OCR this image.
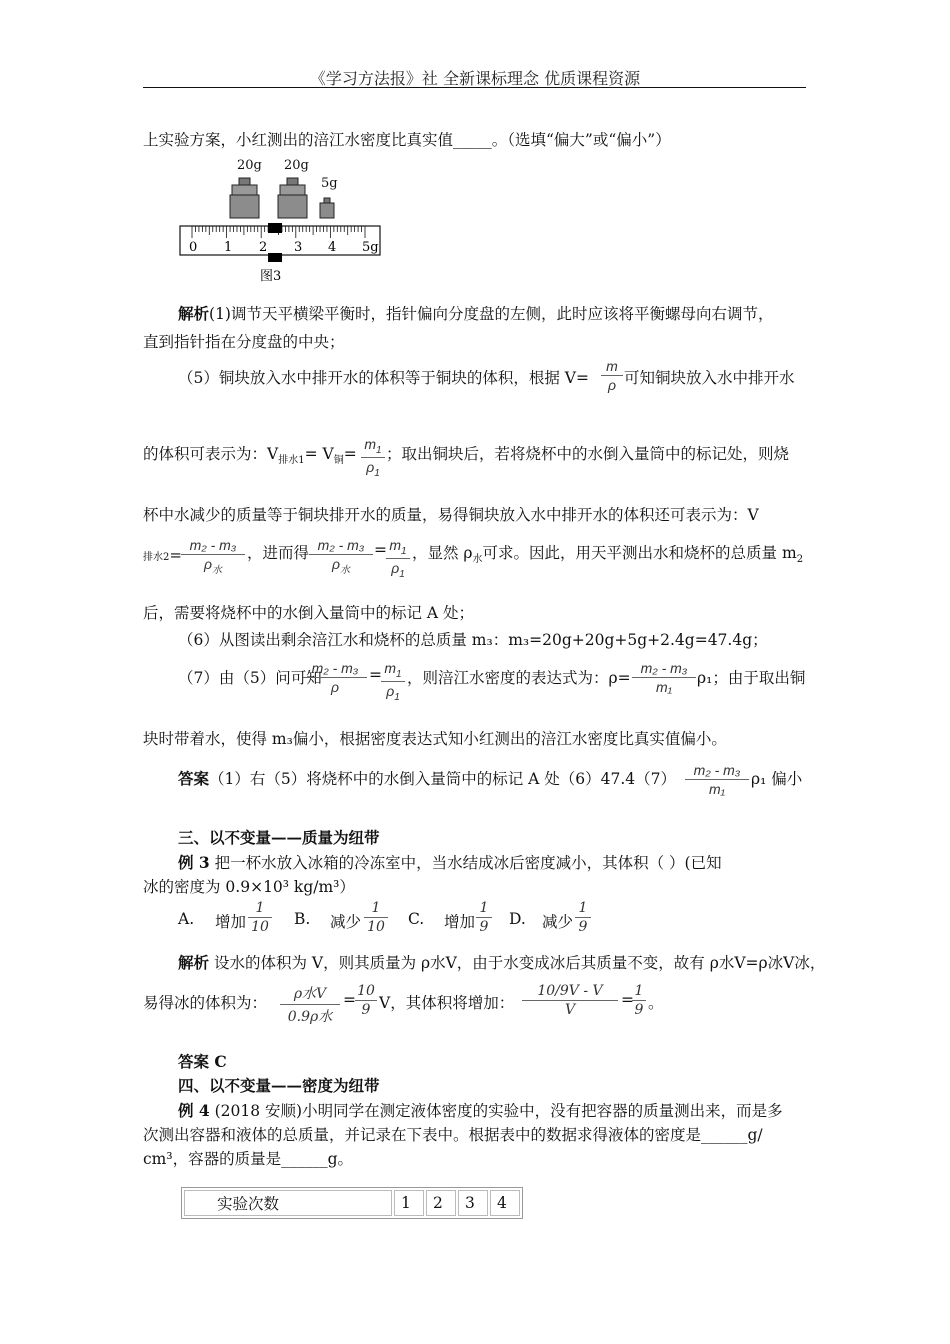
《学习方法报》社 全新课标理念 优质课程资源
上实验方案，小红测出的涪江水密度比真实值_____。（选填“偏大”或“偏小”）
20g 20g
5g
0 1 2 3 4 5g
图3
解析(1)调节天平横梁平衡时，指针偏向分度盘的左侧，此时应该将平衡螺母向右调节，
直到指针指在分度盘的中央；
（5）铜块放入水中排开水的体积等于铜块的体积，根据 V=
m
ρ 可知铜块放入水中排开水
的体积可表示为：$V_{排水1}= V_铜=$
$m_1$
$\rho_1$
；取出铜块后，若将烧杯中的水倒入量筒中的标记处，则烧
杯中水减少的质量等于铜块排开水的质量，易得铜块放入水中排开水的体积还可表示为：V
排水2=
m₂ - m₃
$\rho_水$
，进而得 m₂ - m₃
$\rho_水$
= $m_1$
$\rho_1$
，显然 $\rho_水$可求。因此，用天平测出水和烧杯的总质量 $m_2$
后，需要将烧杯中的水倒入量筒中的标记 A 处；
（6）从图读出剩余涪江水和烧杯的总质量 m₃：m₃=20g+20g+5g+2.4g=47.4g；
（7）由（5）问可知
m₂ - m₃
ρ
= $m_1$
$\rho_1$
，则涪江水密度的表达式为：ρ=
m₂ - m₃
m₁	ρ₁；由于取出铜
块时带着水，使得 m₃偏小，根据密度表达式知小红测出的涪江水密度比真实值偏小。
答案（1）右（5）将烧杯中的水倒入量筒中的标记 A 处（6）47.4（7）	m₂ - m₃
m₁
ρ₁ 偏小
三、以不变量——质量为纽带
例 3 把一杯水放入冰箱的冷冻室中，当水结成冰后密度减小，其体积（ ）(已知
冰的密度为 0.9×10³ kg/m³）
A. 增加
1
10 B. 减少
1
10 C. 增加
1
9 D. 减少
1
9
解析 设水的体积为 V，则其质量为 ρ水V，由于水变成冰后其质量不变，故有 ρ水V=ρ冰V冰，
易得冰的体积为：	ρ水V
0.9ρ水
= 10
9 V，其体积将增加：
10/9V - V
V
= 1
9 。
答案 C
四、以不变量——密度为纽带
例 4 (2018 安顺)小明同学在测定液体密度的实验中，没有把容器的质量测出来，而是多
次测出容器和液体的总质量，并记录在下表中。根据表中的数据求得液体的密度是______g/
cm³，容器的质量是______g。
实验次数	1	2	3	4
